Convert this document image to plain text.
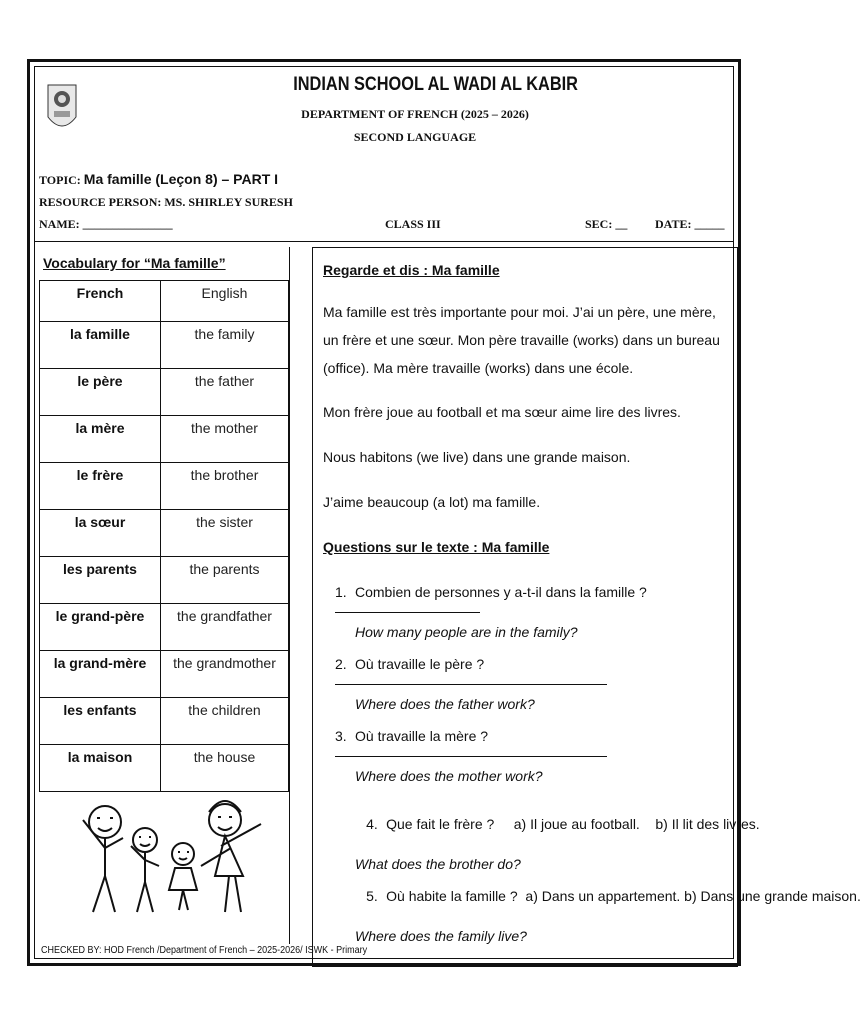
INDIAN SCHOOL AL WADI AL KABIR
DEPARTMENT OF FRENCH (2025 – 2026)
SECOND LANGUAGE
TOPIC: Ma famille (Leçon 8) – PART I
RESOURCE PERSON: MS. SHIRLEY SURESH
NAME: _______________	CLASS III	SEC: __ DATE: _____
Vocabulary for “Ma famille”
French	English
la famille	the family
le père	the father
la mère	the mother
le frère	the brother
la sœur	the sister
les parents	the parents
le grand-père	the grandfather
la grand-mère	the grandmother
les enfants	the children
la maison	the house
CHECKED BY: HOD French /Department of French – 2025-2026/ ISWK - Primary
Regarde et dis : Ma famille
Ma famille est très importante pour moi. J’ai un père, une mère, un frère et une sœur. Mon père travaille (works) dans un bureau (office). Ma mère travaille (works) dans une école.
Mon frère joue au football et ma sœur aime lire des livres.
Nous habitons (we live) dans une grande maison.
J’aime beaucoup (a lot) ma famille.
Questions sur le texte : Ma famille
1. Combien de personnes y a-t-il dans la famille ?
How many people are in the family?
2. Où travaille le père ?
Where does the father work?
3. Où travaille la mère ?
Where does the mother work?

4. Que fait le frère ?     a) Il joue au football.    b) Il lit des livres.

What does the brother do?

5. Où habite la famille ?  a) Dans un appartement. b) Dans une grande maison.

Where does the family live?
